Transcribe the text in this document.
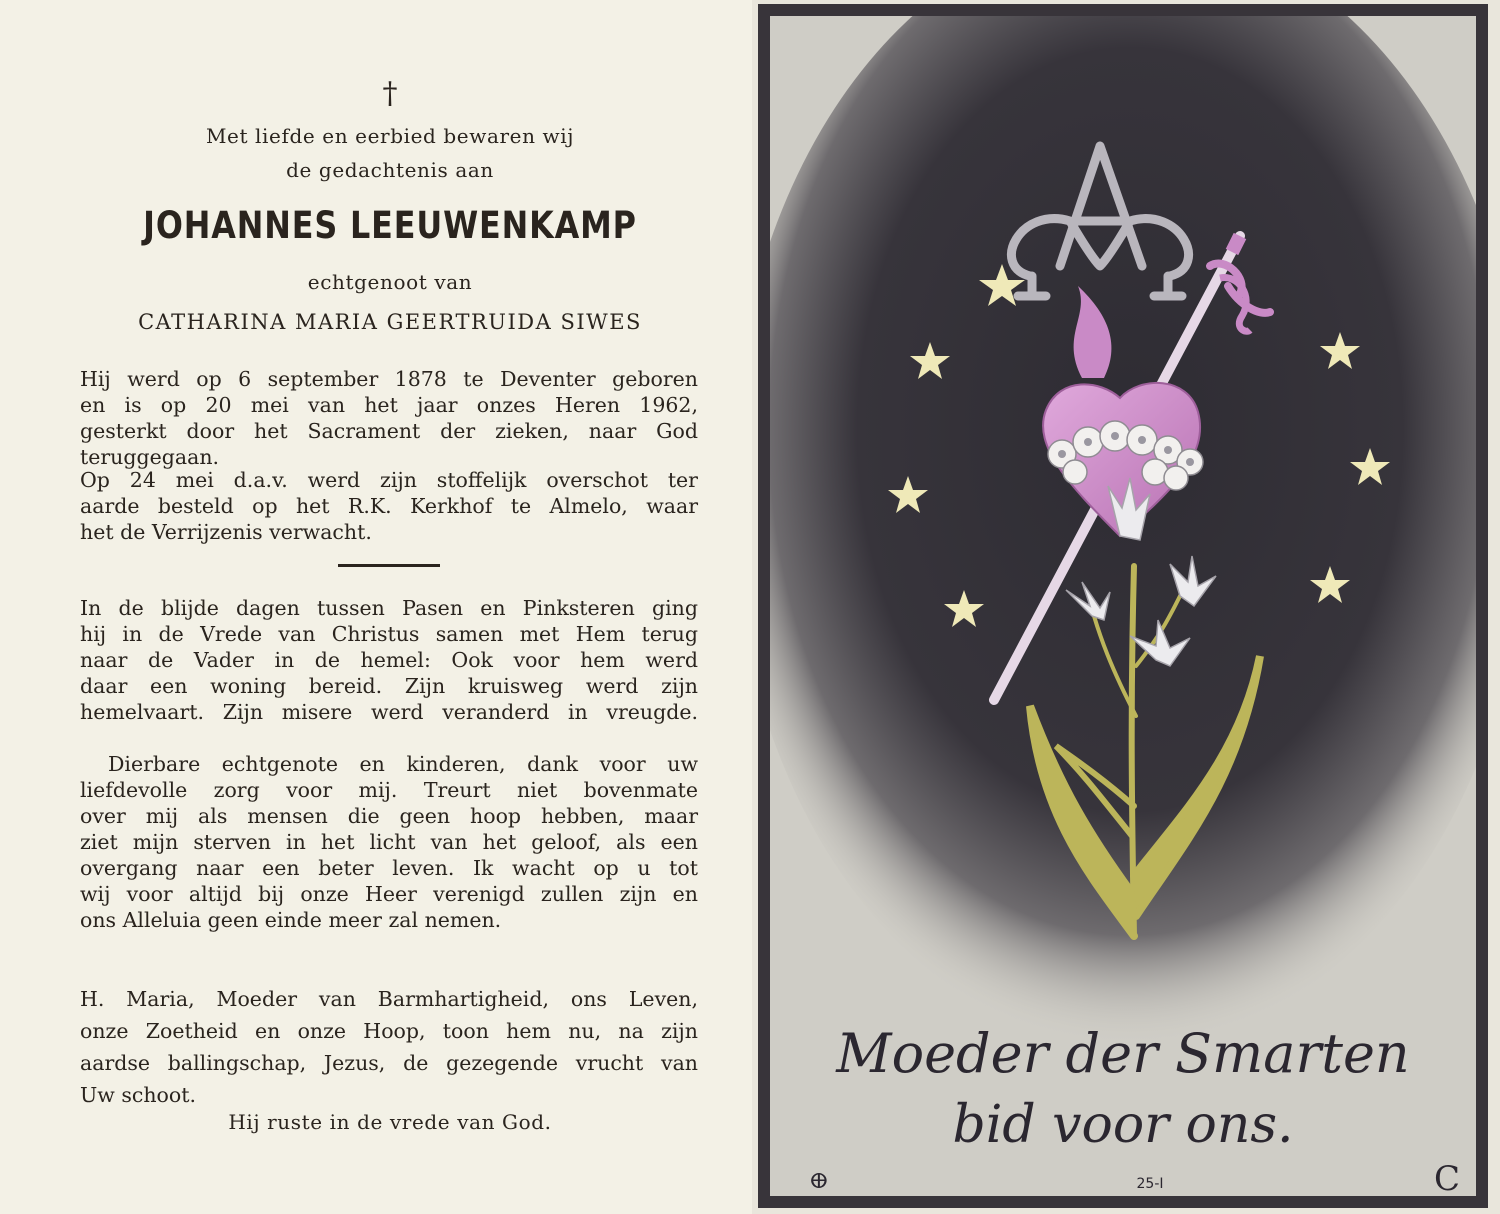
†
Met liefde en eerbied bewaren wij
de gedachtenis aan
JOHANNES LEEUWENKAMP
echtgenoot van
CATHARINA MARIA GEERTRUIDA SIWES
Hij werd op 6 september 1878 te Deventer geboren
en is op 20 mei van het jaar onzes Heren 1962,
gesterkt door het Sacrament der zieken, naar God
teruggegaan.
Op 24 mei d.a.v. werd zijn stoffelijk overschot ter
aarde besteld op het R.K. Kerkhof te Almelo, waar
het de Verrijzenis verwacht.
In de blijde dagen tussen Pasen en Pinksteren ging
hij in de Vrede van Christus samen met Hem terug
naar de Vader in de hemel: Ook voor hem werd
daar een woning bereid. Zijn kruisweg werd zijn
hemelvaart. Zijn misere werd veranderd in vreugde.
Dierbare echtgenote en kinderen, dank voor uw
liefdevolle zorg voor mij. Treurt niet bovenmate
over mij als mensen die geen hoop hebben, maar
ziet mijn sterven in het licht van het geloof, als een
overgang naar een beter leven. Ik wacht op u tot
wij voor altijd bij onze Heer verenigd zullen zijn en
ons Alleluia geen einde meer zal nemen.
H. Maria, Moeder van Barmhartigheid, ons Leven,
onze Zoetheid en onze Hoop, toon hem nu, na zijn
aardse ballingschap, Jezus, de gezegende vrucht van
Uw schoot.
Hij ruste in de vrede van God.
Moeder der Smarten
bid voor ons.
ⴲ	25-I	C
